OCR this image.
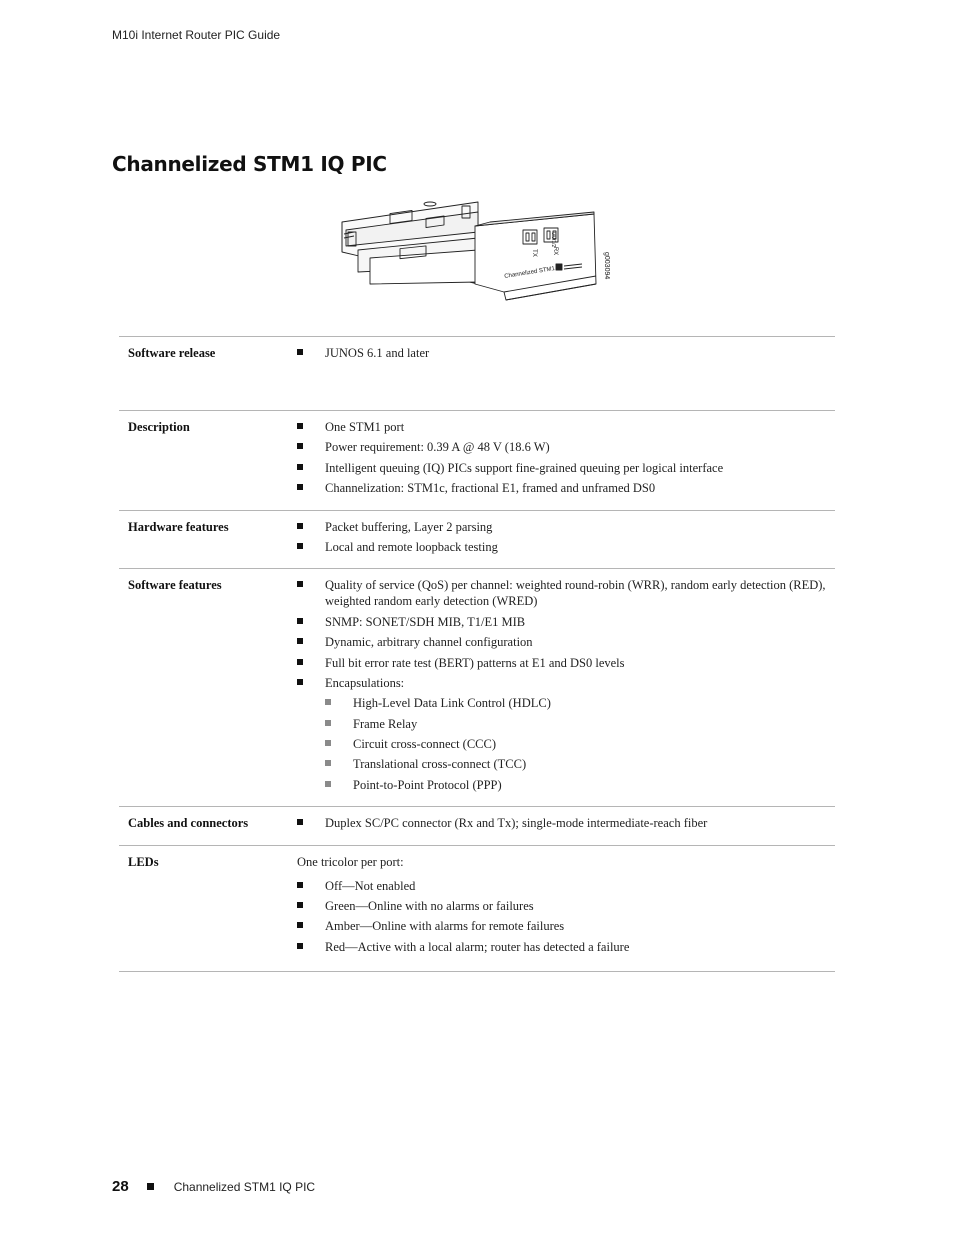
M10i Internet Router PIC Guide
Channelized STM1 IQ PIC
Channelized STM1
TX	RX
0/0/1/2
g003094
Software release	JUNOS 6.1 and later
Description	One STM1 port
Power requirement: 0.39 A @ 48 V (18.6 W)
Intelligent queuing (IQ) PICs support fine-grained queuing per logical interface
Channelization: STM1c, fractional E1, framed and unframed DS0
Hardware features	Packet buffering, Layer 2 parsing
Local and remote loopback testing
Software features	Quality of service (QoS) per channel: weighted round-robin (WRR), random early detection (RED), weighted random early detection (WRED)
SNMP: SONET/SDH MIB, T1/E1 MIB
Dynamic, arbitrary channel configuration
Full bit error rate test (BERT) patterns at E1 and DS0 levels
Encapsulations:
High-Level Data Link Control (HDLC)
Frame Relay
Circuit cross-connect (CCC)
Translational cross-connect (TCC)
Point-to-Point Protocol (PPP)
Cables and connectors	Duplex SC/PC connector (Rx and Tx); single-mode intermediate-reach fiber
LEDs	One tricolor per port:
Off—Not enabled
Green—Online with no alarms or failures
Amber—Online with alarms for remote failures
Red—Active with a local alarm; router has detected a failure
28	Channelized STM1 IQ PIC
